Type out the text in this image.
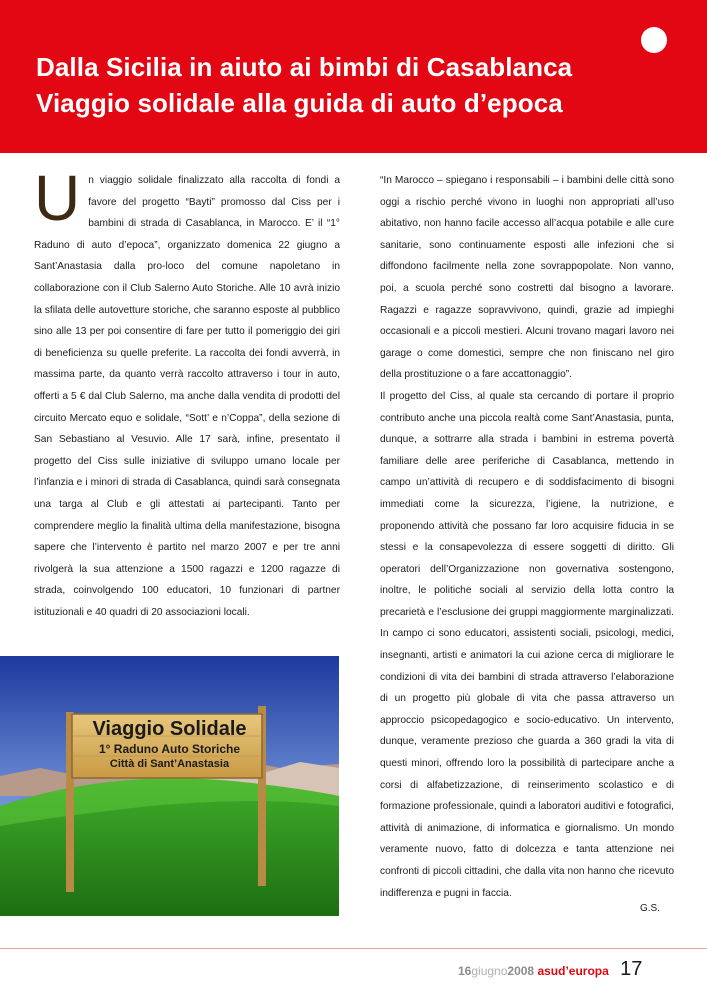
Dalla Sicilia in aiuto ai bimbi di Casablanca
Viaggio solidale alla guida di auto d’epoca
U n viaggio solidale finalizzato alla raccolta di fondi a favore del progetto “Bayti” promosso dal Ciss per i bambini di strada di Casablanca, in Marocco. E’ il “1° Raduno di auto d’epoca”, organizzato domenica 22 giugno a Sant’Anastasia dalla pro-loco del comune napoletano in collaborazione con il Club Salerno Auto Storiche. Alle 10 avrà inizio la sfilata delle autovetture storiche, che saranno esposte al pubblico sino alle 13 per poi consentire di fare per tutto il pomeriggio dei giri di beneficienza su quelle preferite. La raccolta dei fondi avverrà, in massima parte, da quanto verrà raccolto attraverso i tour in auto, offerti a 5 € dal Club Salerno, ma anche dalla vendita di prodotti del circuito Mercato equo e solidale, “Sott’ e n’Coppa”, della sezione di San Sebastiano al Vesuvio. Alle 17 sarà, infine, presentato il progetto del Ciss sulle iniziative di sviluppo umano locale per l’infanzia e i minori di strada di Casablanca, quindi sarà consegnata una targa al Club e gli attestati ai partecipanti. Tanto per comprendere meglio la finalità ultima della manifestazione, bisogna sapere che l’intervento è partito nel marzo 2007 e per tre anni rivolgerà la sua attenzione a 1500 ragazzi e 1200 ragazze di strada, coinvolgendo 100 educatori, 10 funzionari di partner istituzionali e 40 quadri di 20 associazioni locali.

Viaggio Solidale
1° Raduno Auto Storiche
Città di Sant’Anastasia

“In Marocco – spiegano i responsabili – i bambini delle città sono oggi a rischio perché vivono in luoghi non appropriati all’uso abitativo, non hanno facile accesso all’acqua potabile e alle cure sanitarie, sono continuamente esposti alle infezioni che si diffondono facilmente nella zone sovrappopolate. Non vanno, poi, a scuola perché sono costretti dal bisogno a lavorare. Ragazzi e ragazze sopravvivono, quindi, grazie ad impieghi occasionali e a piccoli mestieri. Alcuni trovano magari lavoro nei garage o come domestici, sempre che non finiscano nel giro della prostituzione o a fare accattonaggio”.

Il progetto del Ciss, al quale sta cercando di portare il proprio contributo anche una piccola realtà come Sant’Anastasia, punta, dunque, a sottrarre alla strada i bambini in estrema povertà familiare delle aree periferiche di Casablanca, mettendo in campo un’attività di recupero e di soddisfacimento di bisogni immediati come la sicurezza, l’igiene, la nutrizione, e proponendo attività che possano far loro acquisire fiducia in se stessi e la consapevolezza di essere soggetti di diritto. Gli operatori dell’Organizzazione non governativa sostengono, inoltre, le politiche sociali al servizio della lotta contro la precarietà e l’esclusione dei gruppi maggiormente marginalizzati. In campo ci sono educatori, assistenti sociali, psicologi, medici, insegnanti, artisti e animatori la cui azione cerca di migliorare le condizioni di vita dei bambini di strada attraverso l’elaborazione di un progetto più globale di vita che passa attraverso un approccio psicopedagogico e socio-educativo. Un intervento, dunque, veramente prezioso che guarda a 360 gradi la vita di questi minori, offrendo loro la possibilità di partecipare anche a corsi di alfabetizzazione, di reinserimento scolastico e di formazione professionale, quindi a laboratori auditivi e fotografici, attività di animazione, di informatica e giornalismo. Un mondo veramente nuovo, fatto di dolcezza e tanta attenzione nei confronti di piccoli cittadini, che dalla vita non hanno che ricevuto indifferenza e pugni in faccia.

G.S.
16giugno2008 asud’europa 17
